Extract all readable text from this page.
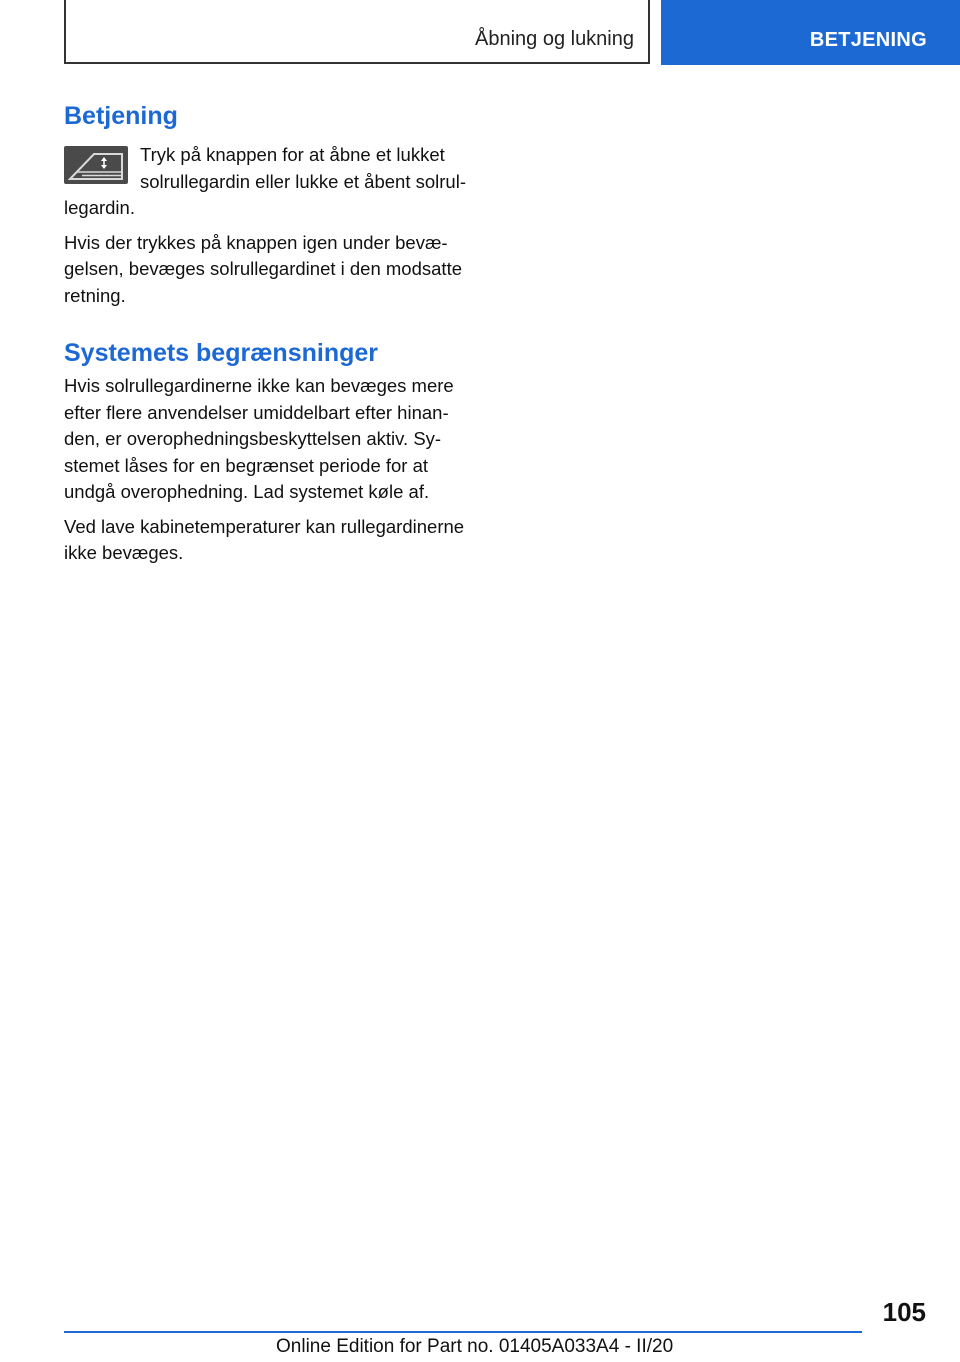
Åbning og lukning	BETJENING
Betjening

Tryk på knappen for at åbne et lukket solrullegardin eller lukke et åbent solrullegardin.

Hvis der trykkes på knappen igen under bevægelsen, bevæges solrullegardinet i den modsatte retning.

Systemets begrænsninger

Hvis solrullegardinerne ikke kan bevæges mere efter flere anvendelser umiddelbart efter hinanden, er overophedningsbeskyttelsen aktiv. Systemet låses for en begrænset periode for at undgå overophedning. Lad systemet køle af.

Ved lave kabinetemperaturer kan rullegardinerne ikke bevæges.

105
Online Edition for Part no. 01405A033A4 - II/20
